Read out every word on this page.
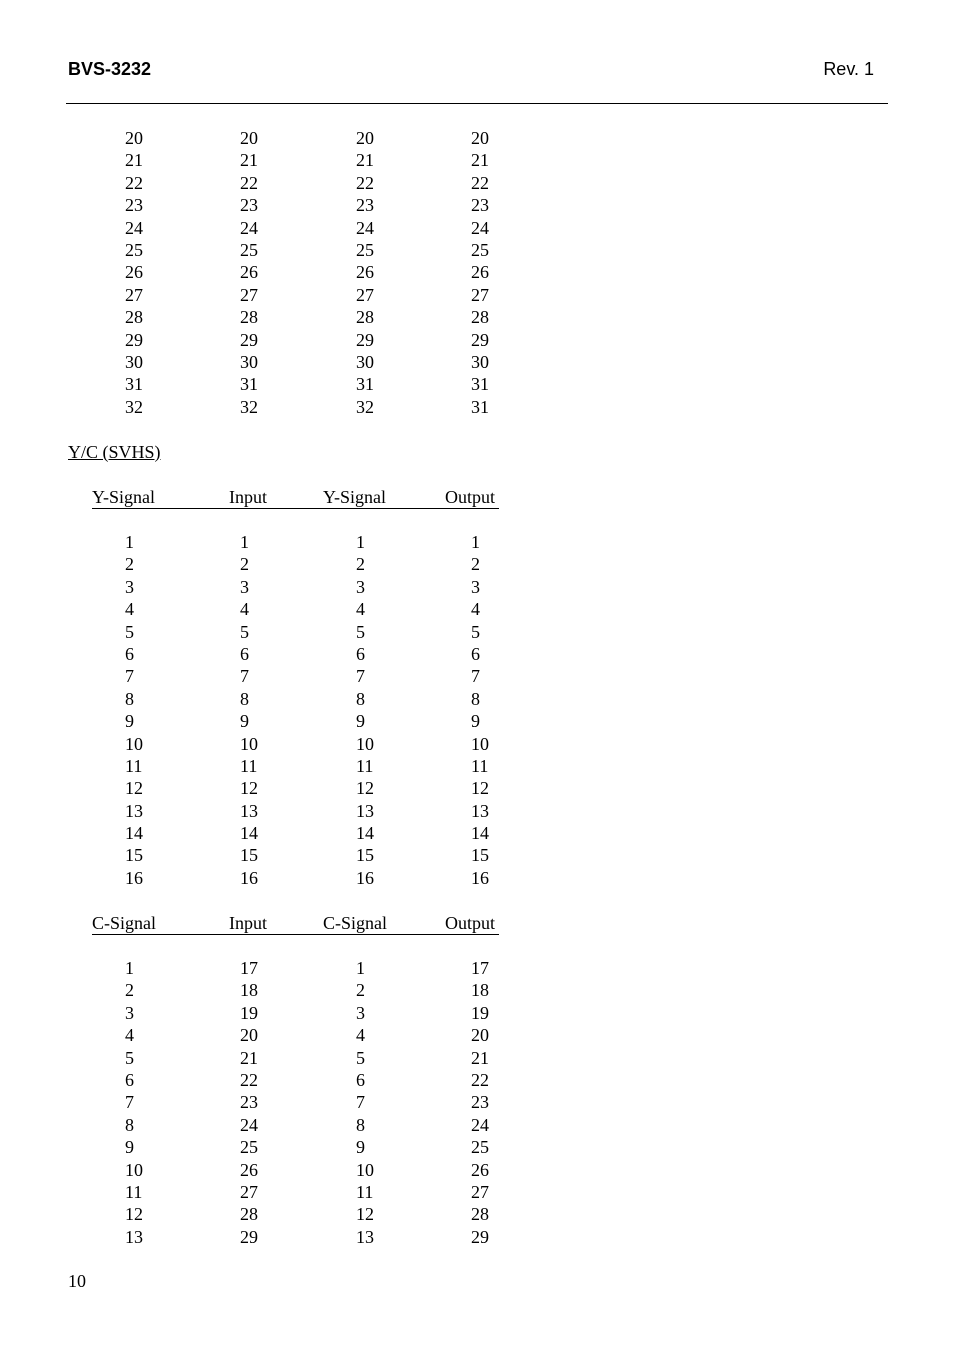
BVS-3232	Rev. 1
20	20	20	20
21	21	21	21
22	22	22	22
23	23	23	23
24	24	24	24
25	25	25	25
26	26	26	26
27	27	27	27
28	28	28	28
29	29	29	29
30	30	30	30
31	31	31	31
32	32	32	31
Y/C (SVHS)
Y-Signal	Input	Y-Signal	Output
1	1	1	1
2	2	2	2
3	3	3	3
4	4	4	4
5	5	5	5
6	6	6	6
7	7	7	7
8	8	8	8
9	9	9	9
10	10	10	10
11	11	11	11
12	12	12	12
13	13	13	13
14	14	14	14
15	15	15	15
16	16	16	16
C-Signal	Input	C-Signal	Output
1	17	1	17
2	18	2	18
3	19	3	19
4	20	4	20
5	21	5	21
6	22	6	22
7	23	7	23
8	24	8	24
9	25	9	25
10	26	10	26
11	27	11	27
12	28	12	28
13	29	13	29
10
